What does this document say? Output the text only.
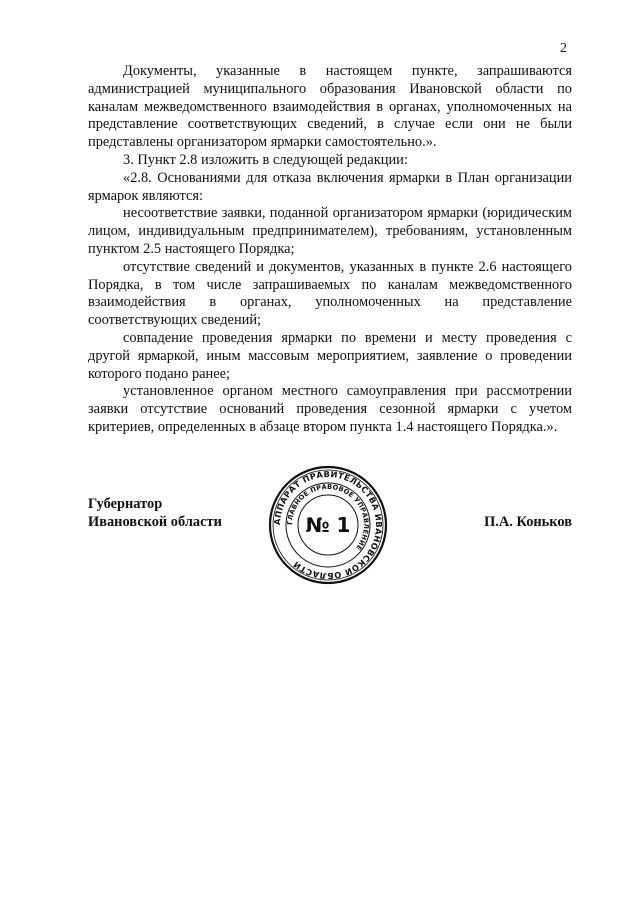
2

Документы, указанные в настоящем пункте, запрашиваются администрацией муниципального образования Ивановской области по каналам межведомственного взаимодействия в органах, уполномоченных на представление соответствующих сведений, в случае если они не были представлены организатором ярмарки самостоятельно.».

3. Пункт 2.8 изложить в следующей редакции:

«2.8. Основаниями для отказа включения ярмарки в План организации ярмарок являются:

несоответствие заявки, поданной организатором ярмарки (юридическим лицом, индивидуальным предпринимателем), требованиям, установленным пунктом 2.5 настоящего Порядка;

отсутствие сведений и документов, указанных в пункте 2.6 настоящего Порядка, в том числе запрашиваемых по каналам межведомственного взаимодействия в органах, уполномоченных на представление соответствующих сведений;

совпадение проведения ярмарки по времени и месту проведения с другой ярмаркой, иным массовым мероприятием, заявление о проведении которого подано ранее;

установленное органом местного самоуправления при рассмотрении заявки отсутствие оснований проведения сезонной ярмарки с учетом критериев, определенных в абзаце втором пункта 1.4 настоящего Порядка.».

Губернатор
Ивановской области	П.А. Коньков
АППАРАТ ПРАВИТЕЛЬСТВА ИВАНОВСКОЙ ОБЛАСТИ
ГЛАВНОЕ ПРАВОВОЕ УПРАВЛЕНИЕ
№ 1
